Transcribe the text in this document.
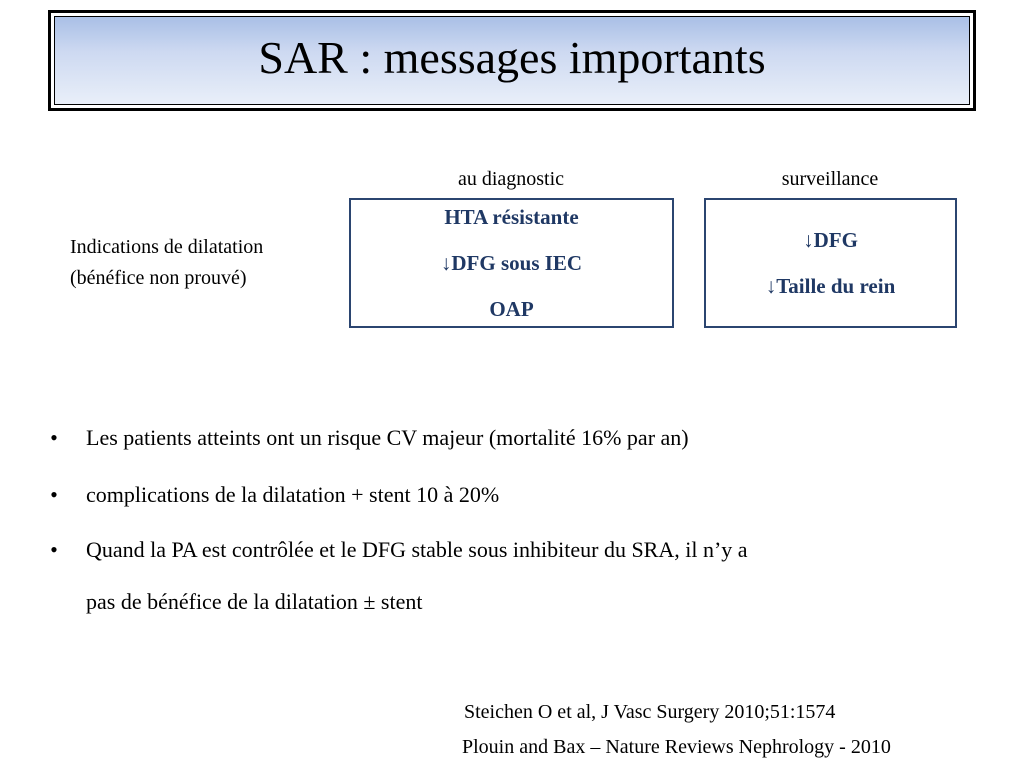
SAR : messages importants
au diagnostic	surveillance
Indications de dilatation
(bénéfice non prouvé)
HTA résistante
↓DFG sous IEC
OAP
↓DFG
↓Taille du rein
• Les patients atteints ont un risque CV majeur (mortalité 16% par an)
• complications de la dilatation + stent 10 à 20%
• Quand la PA est contrôlée et le DFG stable sous inhibiteur du SRA, il n’y a
pas de bénéfice de la dilatation ± stent
Steichen O et al, J Vasc Surgery 2010;51:1574
Plouin and Bax – Nature Reviews Nephrology - 2010
